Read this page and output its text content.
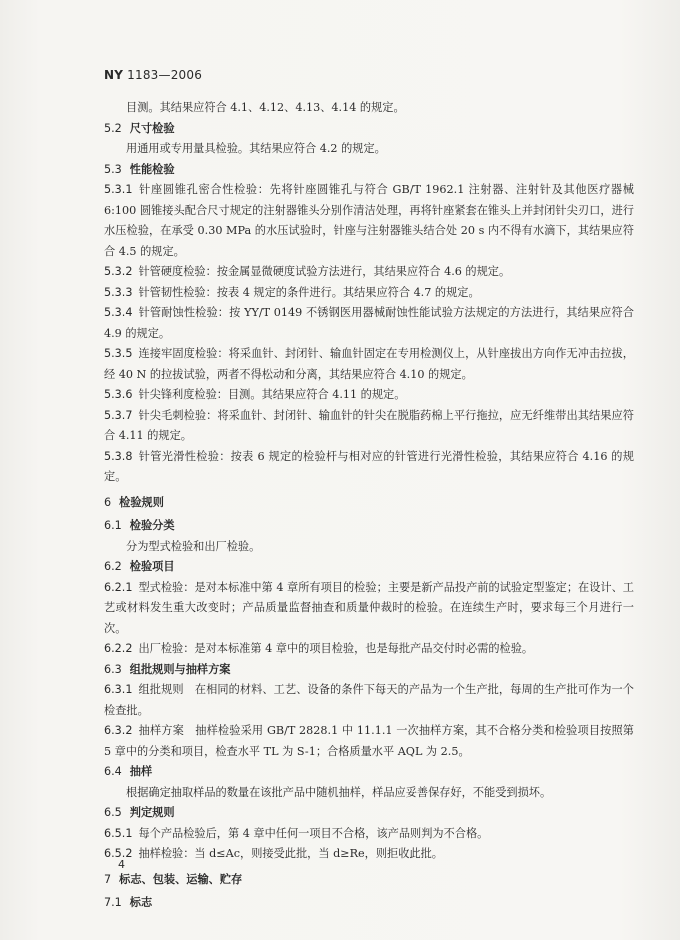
NY 1183—2006
目测。其结果应符合 4.1、4.12、4.13、4.14 的规定。
5.2 尺寸检验
用通用或专用量具检验。其结果应符合 4.2 的规定。
5.3 性能检验
5.3.1 针座圆锥孔密合性检验：先将针座圆锥孔与符合 GB/T 1962.1 注射器、注射针及其他医疗器械 6:100 圆锥接头配合尺寸规定的注射器锥头分别作清洁处理，再将针座紧套在锥头上并封闭针尖刃口，进行水压检验，在承受 0.30 MPa 的水压试验时，针座与注射器锥头结合处 20 s 内不得有水滴下，其结果应符合 4.5 的规定。
5.3.2 针管硬度检验：按金属显微硬度试验方法进行，其结果应符合 4.6 的规定。
5.3.3 针管韧性检验：按表 4 规定的条件进行。其结果应符合 4.7 的规定。
5.3.4 针管耐蚀性检验：按 YY/T 0149 不锈钢医用器械耐蚀性能试验方法规定的方法进行，其结果应符合 4.9 的规定。
5.3.5 连接牢固度检验：将采血针、封闭针、输血针固定在专用检测仪上，从针座拔出方向作无冲击拉拔，经 40 N 的拉拔试验，两者不得松动和分离，其结果应符合 4.10 的规定。
5.3.6 针尖锋利度检验：目测。其结果应符合 4.11 的规定。
5.3.7 针尖毛刺检验：将采血针、封闭针、输血针的针尖在脱脂药棉上平行拖拉，应无纤维带出其结果应符合 4.11 的规定。
5.3.8 针管光滑性检验：按表 6 规定的检验杆与相对应的针管进行光滑性检验，其结果应符合 4.16 的规定。
6 检验规则
6.1 检验分类
分为型式检验和出厂检验。
6.2 检验项目
6.2.1 型式检验：是对本标准中第 4 章所有项目的检验；主要是新产品投产前的试验定型鉴定；在设计、工艺或材料发生重大改变时；产品质量监督抽查和质量仲裁时的检验。在连续生产时，要求每三个月进行一次。
6.2.2 出厂检验：是对本标准第 4 章中的项目检验，也是每批产品交付时必需的检验。
6.3 组批规则与抽样方案
6.3.1 组批规则　在相同的材料、工艺、设备的条件下每天的产品为一个生产批，每周的生产批可作为一个检查批。
6.3.2 抽样方案　抽样检验采用 GB/T 2828.1 中 11.1.1 一次抽样方案，其不合格分类和检验项目按照第 5 章中的分类和项目，检查水平 TL 为 S-1；合格质量水平 AQL 为 2.5。
6.4 抽样
根据确定抽取样品的数量在该批产品中随机抽样，样品应妥善保存好，不能受到损坏。
6.5 判定规则
6.5.1 每个产品检验后，第 4 章中任何一项目不合格，该产品则判为不合格。
6.5.2 抽样检验：当 d≤Ac，则接受此批，当 d≥Re，则拒收此批。
7 标志、包装、运输、贮存
7.1 标志
4
